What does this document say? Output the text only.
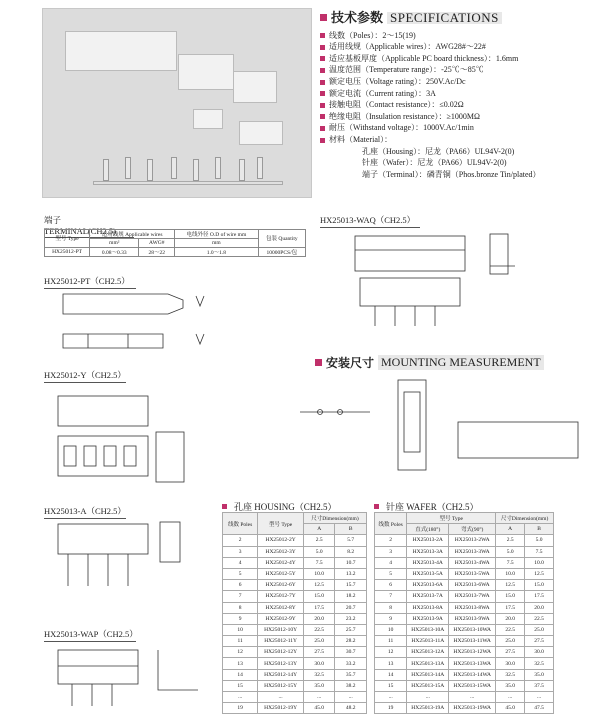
技术参数 SPECIFICATIONS
线数（Poles）：2～15(19)
适用线规（Applicable wires）：AWG28#～22#
适应基板厚度（Applicable PC board thickness）：1.6mm
温度范围（Temperature range）：-25℃～85℃
额定电压（Voltage rating）：250V.Ac/Dc
额定电流（Current rating）：3A
接触电阻（Contact resistance）：≤0.02Ω
绝缘电阻（Insulation resistance）：≥1000MΩ
耐压（Withstand voltage）：1000V.Ac/1min
材料（Material）：
孔座（Housing）：尼龙（PA66）UL94V-2(0)
针座（Wafer）：尼龙（PA66）UL94V-2(0)
端子（Terminal）：磷青铜（Phos.bronze Tin/plated）
端子 TERMINAL(CH2.5)
型号 Type	适用线规 Applicable wires		电线外径 O.D of wire mm	包装 Quantity
	mm²	AWG#	mm	
HX25012-PT	0.08～0.33	28～22	1.0～1.8	10000PCS/包
HX25013-WAQ（CH2.5）
HX25012-PT（CH2.5）
HX25012-Y（CH2.5）
HX25013-A（CH2.5）
HX25013-WAP（CH2.5）
安装尺寸 MOUNTING MEASUREMENT
孔座 HOUSING（CH2.5）
线数 Poles	型号 Type	尺寸Dimension(mm)	
		A	B
2	HX25012-2Y	2.5	5.7
3	HX25012-3Y	5.0	8.2
4	HX25012-4Y	7.5	10.7
5	HX25012-5Y	10.0	13.2
6	HX25012-6Y	12.5	15.7
7	HX25012-7Y	15.0	18.2
8	HX25012-8Y	17.5	20.7
9	HX25012-9Y	20.0	23.2
10	HX25012-10Y	22.5	25.7
11	HX25012-11Y	25.0	28.2
12	HX25012-12Y	27.5	30.7
13	HX25012-13Y	30.0	33.2
14	HX25012-14Y	32.5	35.7
15	HX25012-15Y	35.0	38.2
...	...	...	...
19	HX25012-19Y	45.0	48.2
针座 WAFER（CH2.5）
线数 Poles	型号 Type		尺寸Dimension(mm)	
	直式(180°)	弯式(90°)	A	B
2	HX25013-2A	HX25013-2WA	2.5	5.0
3	HX25013-3A	HX25013-3WA	5.0	7.5
4	HX25013-4A	HX25013-4WA	7.5	10.0
5	HX25013-5A	HX25013-5WA	10.0	12.5
6	HX25013-6A	HX25013-6WA	12.5	15.0
7	HX25013-7A	HX25013-7WA	15.0	17.5
8	HX25013-8A	HX25013-8WA	17.5	20.0
9	HX25013-9A	HX25013-9WA	20.0	22.5
10	HX25013-10A	HX25013-10WA	22.5	25.0
11	HX25013-11A	HX25013-11WA	25.0	27.5
12	HX25013-12A	HX25013-12WA	27.5	30.0
13	HX25013-13A	HX25013-13WA	30.0	32.5
14	HX25013-14A	HX25013-14WA	32.5	35.0
15	HX25013-15A	HX25013-15WA	35.0	37.5
...	...	...	...	...
19	HX25013-19A	HX25013-19WA	45.0	47.5
